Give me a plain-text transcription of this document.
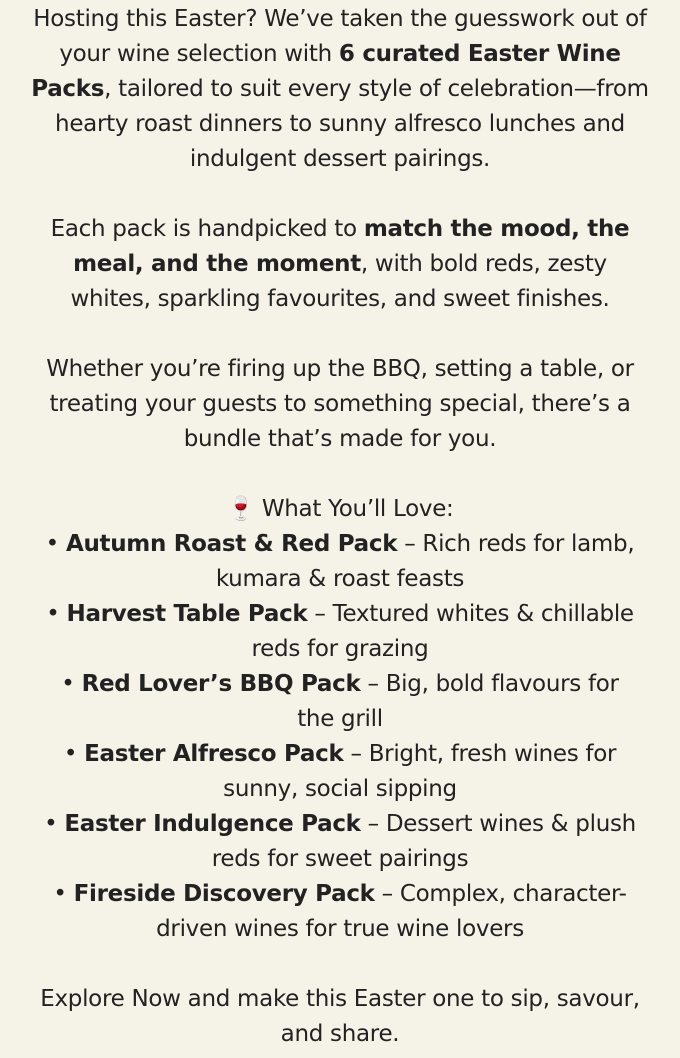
Hosting this Easter? We’ve taken the guesswork out of your wine selection with 6 curated Easter Wine Packs, tailored to suit every style of celebration—from hearty roast dinners to sunny alfresco lunches and indulgent dessert pairings.

Each pack is handpicked to match the mood, the meal, and the moment, with bold reds, zesty whites, sparkling favourites, and sweet finishes.

Whether you’re firing up the BBQ, setting a table, or treating your guests to something special, there’s a bundle that’s made for you.

🍷 What You’ll Love:

• Autumn Roast & Red Pack – Rich reds for lamb, kumara & roast feasts

• Harvest Table Pack – Textured whites & chillable reds for grazing

• Red Lover’s BBQ Pack – Big, bold flavours for the grill

• Easter Alfresco Pack – Bright, fresh wines for sunny, social sipping

• Easter Indulgence Pack – Dessert wines & plush reds for sweet pairings

• Fireside Discovery Pack – Complex, character-driven wines for true wine lovers

Explore Now and make this Easter one to sip, savour, and share.
